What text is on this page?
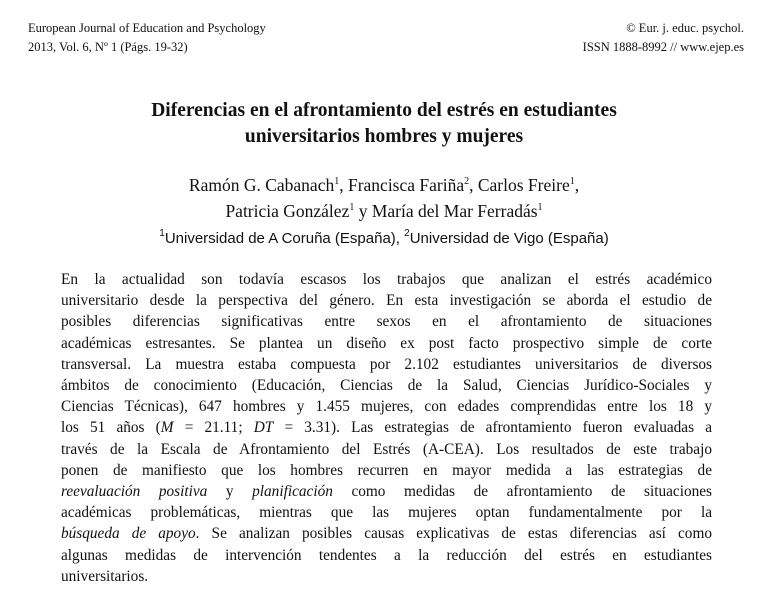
European Journal of Education and Psychology
2013, Vol. 6, Nº 1 (Págs. 19-32)
© Eur. j. educ. psychol.
ISSN 1888-8992 // www.ejep.es
Diferencias en el afrontamiento del estrés en estudiantes
universitarios hombres y mujeres
Ramón G. Cabanach$^1$, Francisca Fariña$^2$, Carlos Freire$^1$,
Patricia González$^1$ y María del Mar Ferradás$^1$
$^1$Universidad de A Coruña (España), $^2$Universidad de Vigo (España)
En la actualidad son todavía escasos los trabajos que analizan el estrés académico
universitario desde la perspectiva del género. En esta investigación se aborda el estudio de
posibles diferencias significativas entre sexos en el afrontamiento de situaciones
académicas estresantes. Se plantea un diseño ex post facto prospectivo simple de corte
transversal. La muestra estaba compuesta por 2.102 estudiantes universitarios de diversos
ámbitos de conocimiento (Educación, Ciencias de la Salud, Ciencias Jurídico-Sociales y
Ciencias Técnicas), 647 hombres y 1.455 mujeres, con edades comprendidas entre los 18 y
los 51 años (M = 21.11; DT = 3.31). Las estrategias de afrontamiento fueron evaluadas a
través de la Escala de Afrontamiento del Estrés (A-CEA). Los resultados de este trabajo
ponen de manifiesto que los hombres recurren en mayor medida a las estrategias de
reevaluación positiva y planificación como medidas de afrontamiento de situaciones
académicas problemáticas, mientras que las mujeres optan fundamentalmente por la
búsqueda de apoyo. Se analizan posibles causas explicativas de estas diferencias así como
algunas medidas de intervención tendentes a la reducción del estrés en estudiantes
universitarios.
